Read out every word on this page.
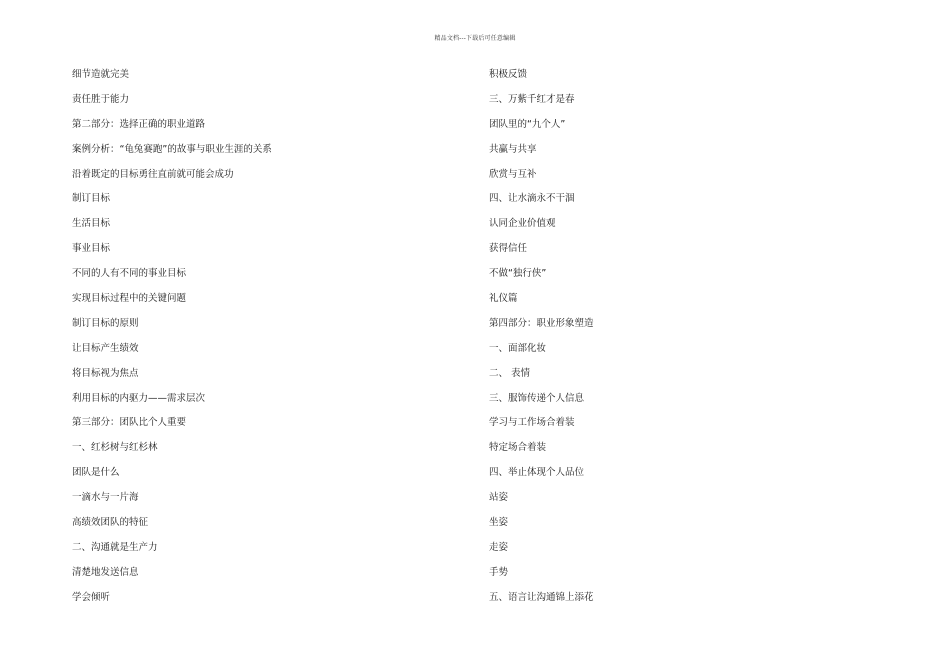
精品文档---下载后可任意编辑
细节造就完美
责任胜于能力
第二部分：选择正确的职业道路
案例分析：“龟兔赛跑”的故事与职业生涯的关系
沿着既定的目标勇往直前就可能会成功
制订目标
生活目标
事业目标
不同的人有不同的事业目标
实现目标过程中的关键问题
制订目标的原则
让目标产生绩效
将目标视为焦点
利用目标的内驱力——需求层次
第三部分：团队比个人重要
一、红杉树与红杉林
团队是什么
一滴水与一片海
高绩效团队的特征
二、沟通就是生产力
清楚地发送信息
学会倾听
积极反馈
三、万紫千红才是春
团队里的“九个人”
共赢与共享
欣赏与互补
四、让水滴永不干涸
认同企业价值观
获得信任
不做“独行侠”
礼仪篇
第四部分：职业形象塑造
一、面部化妆
二、 表情
三、服饰传递个人信息
学习与工作场合着装
特定场合着装
四、举止体现个人品位
站姿
坐姿
走姿
手势
五、语言让沟通锦上添花
